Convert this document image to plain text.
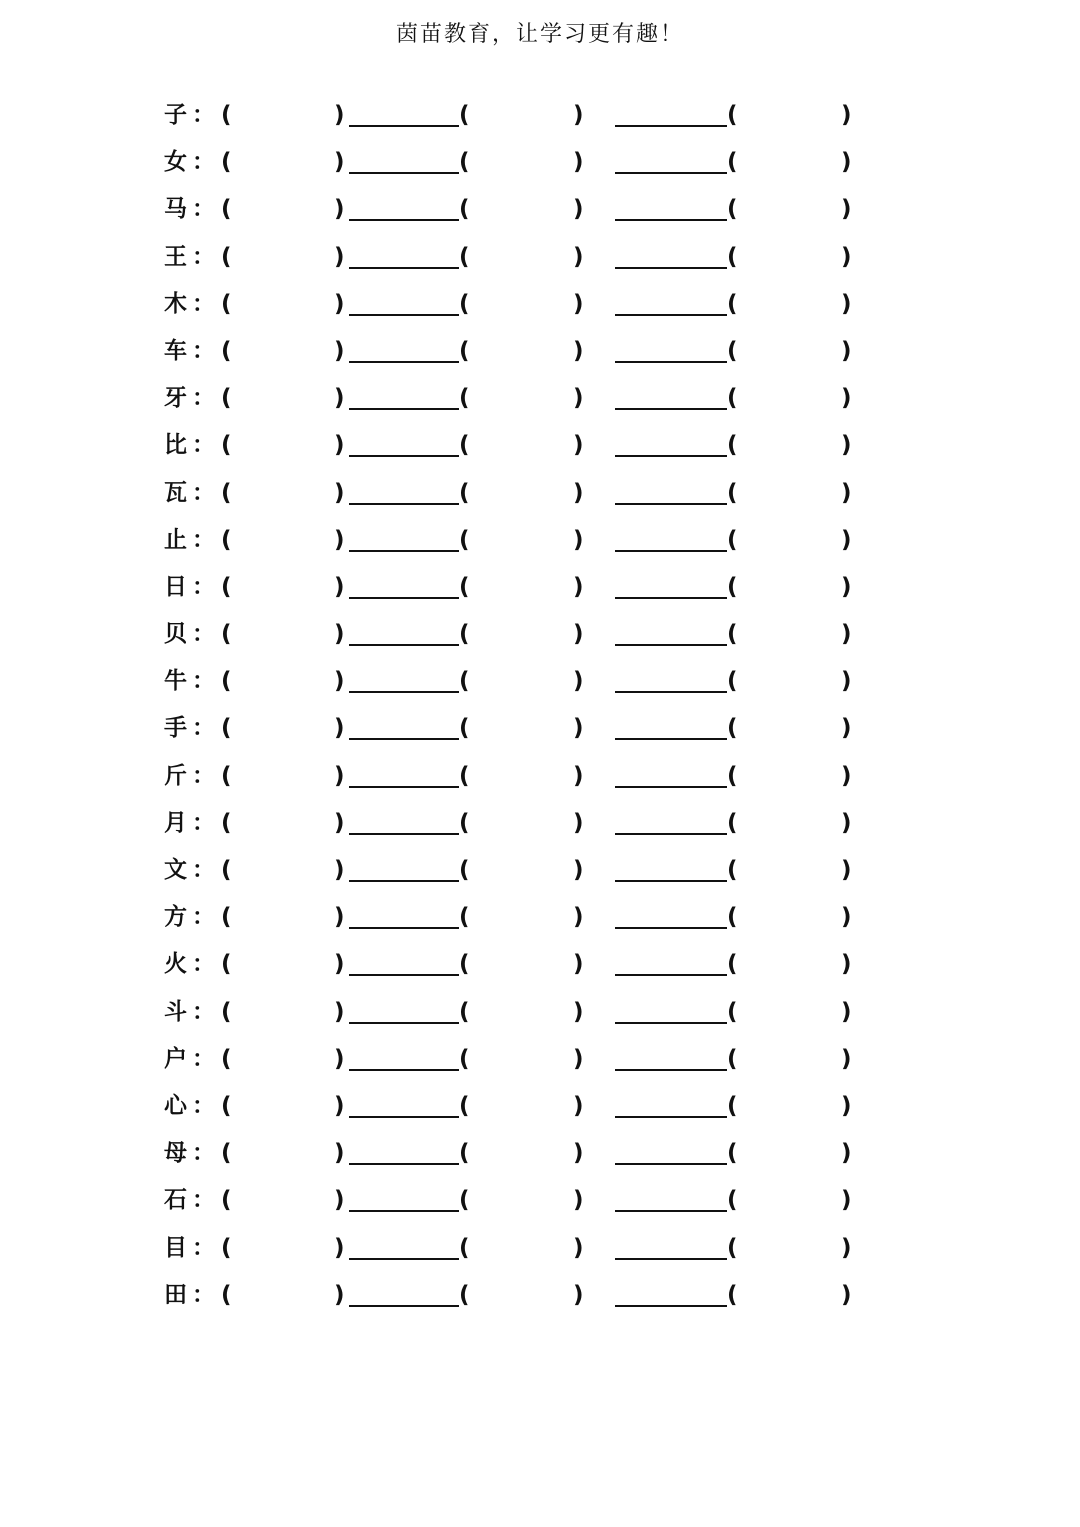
茵苗教育，让学习更有趣！
子 ： (	)	(	)	(	)
女 ： (	)	(	)	(	)
马 ： (	)	(	)	(	)
王 ： (	)	(	)	(	)
木 ： (	)	(	)	(	)
车 ： (	)	(	)	(	)
牙 ： (	)	(	)	(	)
比 ： (	)	(	)	(	)
瓦 ： (	)	(	)	(	)
止 ： (	)	(	)	(	)
日 ： (	)	(	)	(	)
贝 ： (	)	(	)	(	)
牛 ： (	)	(	)	(	)
手 ： (	)	(	)	(	)
斤 ： (	)	(	)	(	)
月 ： (	)	(	)	(	)
文 ： (	)	(	)	(	)
方 ： (	)	(	)	(	)
火 ： (	)	(	)	(	)
斗 ： (	)	(	)	(	)
户 ： (	)	(	)	(	)
心 ： (	)	(	)	(	)
母 ： (	)	(	)	(	)
石 ： (	)	(	)	(	)
目 ： (	)	(	)	(	)
田 ： (	)	(	)	(	)
